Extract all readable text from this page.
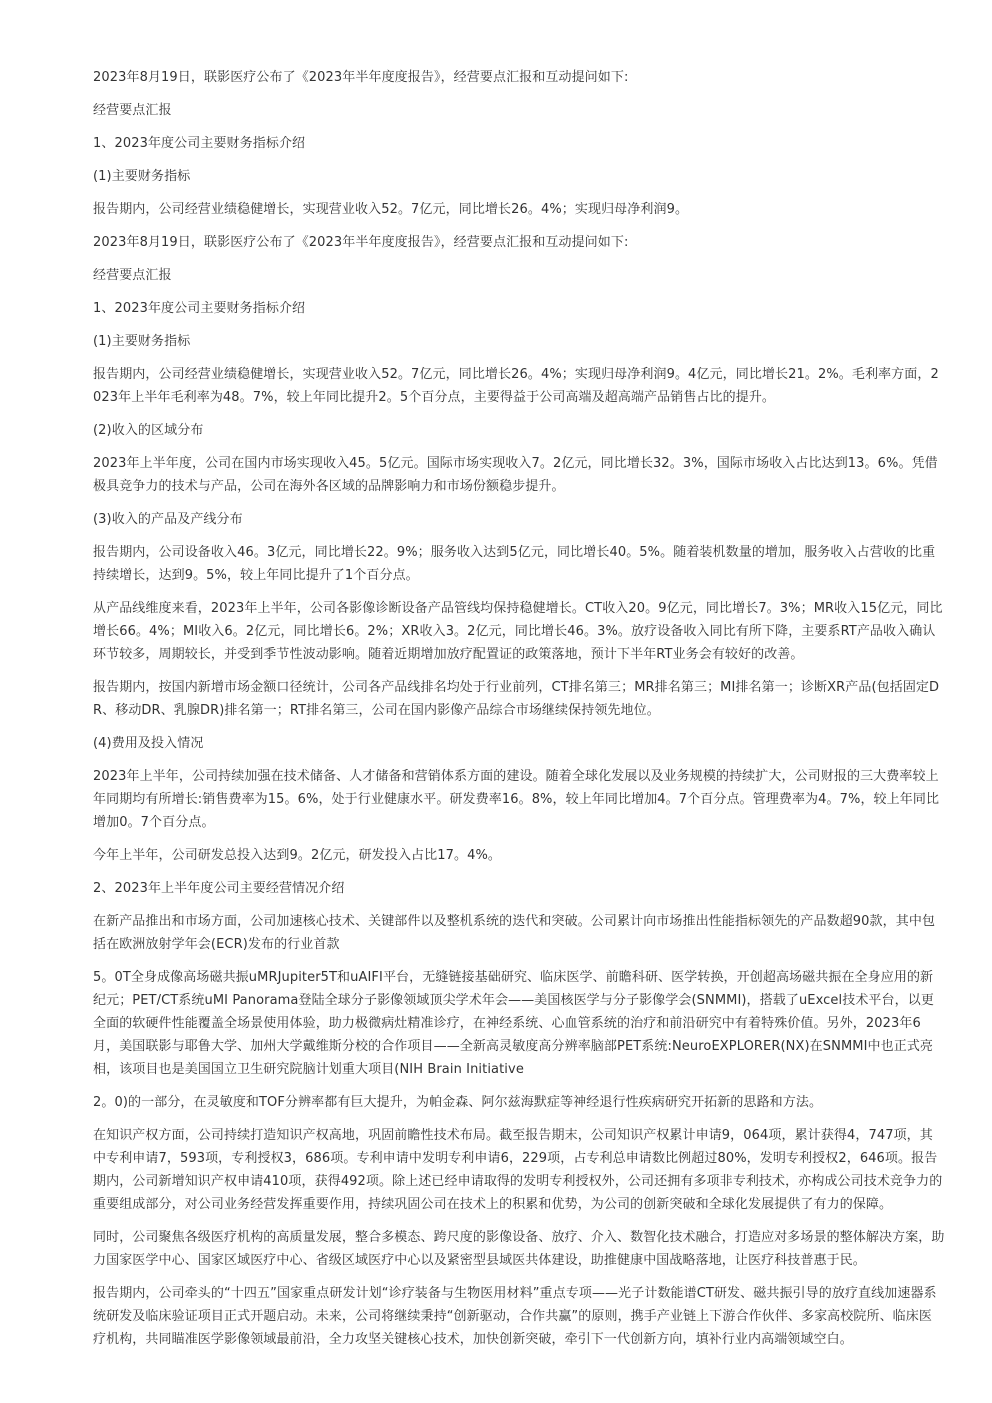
2023年8月19日，联影医疗公布了《2023年半年度度报告》，经营要点汇报和互动提问如下:

经营要点汇报

1、2023年度公司主要财务指标介绍

(1)主要财务指标

报告期内，公司经营业绩稳健增长，实现营业收入52。7亿元，同比增长26。4%；实现归母净利润9。

2023年8月19日，联影医疗公布了《2023年半年度度报告》，经营要点汇报和互动提问如下:

经营要点汇报

1、2023年度公司主要财务指标介绍

(1)主要财务指标

报告期内，公司经营业绩稳健增长，实现营业收入52。7亿元，同比增长26。4%；实现归母净利润9。4亿元，同比增长21。2%。毛利率方面，2023年上半年毛利率为48。7%，较上年同比提升2。5个百分点，主要得益于公司高端及超高端产品销售占比的提升。

(2)收入的区域分布

2023年上半年度，公司在国内市场实现收入45。5亿元。国际市场实现收入7。2亿元，同比增长32。3%，国际市场收入占比达到13。6%。凭借极具竞争力的技术与产品，公司在海外各区域的品牌影响力和市场份额稳步提升。

(3)收入的产品及产线分布

报告期内，公司设备收入46。3亿元，同比增长22。9%；服务收入达到5亿元，同比增长40。5%。随着装机数量的增加，服务收入占营收的比重持续增长，达到9。5%，较上年同比提升了1个百分点。

从产品线维度来看，2023年上半年，公司各影像诊断设备产品管线均保持稳健增长。CT收入20。9亿元，同比增长7。3%；MR收入15亿元，同比增长66。4%；MI收入6。2亿元，同比增长6。2%；XR收入3。2亿元，同比增长46。3%。放疗设备收入同比有所下降，主要系RT产品收入确认环节较多，周期较长，并受到季节性波动影响。随着近期增加放疗配置证的政策落地，预计下半年RT业务会有较好的改善。

报告期内，按国内新增市场金额口径统计，公司各产品线排名均处于行业前列，CT排名第三；MR排名第三；MI排名第一；诊断XR产品(包括固定DR、移动DR、乳腺DR)排名第一；RT排名第三，公司在国内影像产品综合市场继续保持领先地位。

(4)费用及投入情况

2023年上半年，公司持续加强在技术储备、人才储备和营销体系方面的建设。随着全球化发展以及业务规模的持续扩大，公司财报的三大费率较上年同期均有所增长:销售费率为15。6%，处于行业健康水平。研发费率16。8%，较上年同比增加4。7个百分点。管理费率为4。7%，较上年同比增加0。7个百分点。

今年上半年，公司研发总投入达到9。2亿元，研发投入占比17。4%。

2、2023年上半年度公司主要经营情况介绍

在新产品推出和市场方面，公司加速核心技术、关键部件以及整机系统的迭代和突破。公司累计向市场推出性能指标领先的产品数超90款，其中包括在欧洲放射学年会(ECR)发布的行业首款

5。0T全身成像高场磁共振uMRJupiter5T和uAIFI平台，无缝链接基础研究、临床医学、前瞻科研、医学转换，开创超高场磁共振在全身应用的新纪元；PET/CT系统uMI Panorama登陆全球分子影像领域顶尖学术年会——美国核医学与分子影像学会(SNMMI)，搭载了uExcel技术平台，以更全面的软硬件性能覆盖全场景使用体验，助力极微病灶精准诊疗，在神经系统、心血管系统的治疗和前沿研究中有着特殊价值。另外，2023年6月，美国联影与耶鲁大学、加州大学戴维斯分校的合作项目——全新高灵敏度高分辨率脑部PET系统:NeuroEXPLORER(NX)在SNMMI中也正式亮相，该项目也是美国国立卫生研究院脑计划重大项目(NIH Brain Initiative

2。0)的一部分，在灵敏度和TOF分辨率都有巨大提升，为帕金森、阿尔兹海默症等神经退行性疾病研究开拓新的思路和方法。

在知识产权方面，公司持续打造知识产权高地，巩固前瞻性技术布局。截至报告期末，公司知识产权累计申请9，064项，累计获得4，747项，其中专利申请7，593项，专利授权3，686项。专利申请中发明专利申请6，229项，占专利总申请数比例超过80%，发明专利授权2，646项。报告期内，公司新增知识产权申请410项，获得492项。除上述已经申请取得的发明专利授权外，公司还拥有多项非专利技术，亦构成公司技术竞争力的重要组成部分，对公司业务经营发挥重要作用，持续巩固公司在技术上的积累和优势，为公司的创新突破和全球化发展提供了有力的保障。

同时，公司聚焦各级医疗机构的高质量发展，整合多模态、跨尺度的影像设备、放疗、介入、数智化技术融合，打造应对多场景的整体解决方案，助力国家医学中心、国家区域医疗中心、省级区域医疗中心以及紧密型县域医共体建设，助推健康中国战略落地，让医疗科技普惠于民。

报告期内，公司牵头的“十四五”国家重点研发计划“诊疗装备与生物医用材料”重点专项——光子计数能谱CT研发、磁共振引导的放疗直线加速器系统研发及临床验证项目正式开题启动。未来，公司将继续秉持“创新驱动，合作共赢”的原则，携手产业链上下游合作伙伴、多家高校院所、临床医疗机构，共同瞄准医学影像领域最前沿，全力攻坚关键核心技术，加快创新突破，牵引下一代创新方向，填补行业内高端领域空白。
